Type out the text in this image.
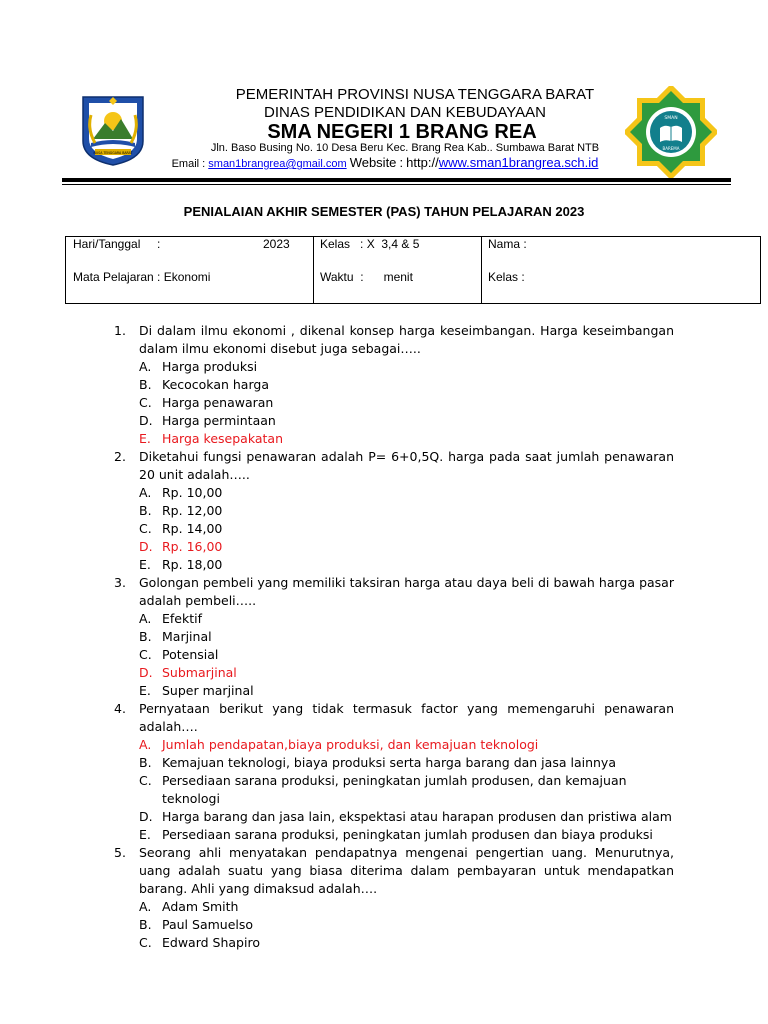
NUSA TENGGARA BARAT
SMAN
BAREMA
PEMERINTAH PROVINSI NUSA TENGGARA BARAT
DINAS PENDIDIKAN DAN KEBUDAYAAN
SMA NEGERI 1 BRANG REA
Jln. Baso Busing No. 10 Desa Beru Kec. Brang Rea Kab.. Sumbawa Barat NTB
Email : sman1brangrea@gmail.com Website : http://www.sman1brangrea.sch.id
PENIALAIAN AKHIR SEMESTER (PAS) TAHUN PELAJARAN 2023
Hari/Tanggal     :	2023
Mata Pelajaran : Ekonomi
Kelas   : X  3,4 & 5
Waktu  :      menit
Nama :
Kelas :
1. Di dalam ilmu ekonomi , dikenal konsep harga keseimbangan. Harga keseimbangan dalam ilmu ekonomi disebut juga sebagai…..
A. Harga produksi
B. Kecocokan harga
C. Harga penawaran
D. Harga permintaan
E. Harga kesepakatan
2. Diketahui fungsi penawaran adalah P= 6+0,5Q. harga pada saat jumlah penawaran 20 unit adalah…..
A. Rp. 10,00
B. Rp. 12,00
C. Rp. 14,00
D. Rp. 16,00
E. Rp. 18,00
3. Golongan pembeli yang memiliki taksiran harga atau daya beli di bawah harga pasar adalah pembeli…..
A. Efektif
B. Marjinal
C. Potensial
D. Submarjinal
E. Super marjinal
4. Pernyataan berikut yang tidak termasuk factor yang memengaruhi penawaran adalah….
A. Jumlah pendapatan,biaya produksi, dan kemajuan teknologi
B. Kemajuan teknologi, biaya produksi serta harga barang dan jasa lainnya
C. Persediaan sarana produksi, peningkatan jumlah produsen, dan kemajuan teknologi
D. Harga barang dan jasa lain, ekspektasi atau harapan produsen dan pristiwa alam
E. Persediaan sarana produksi, peningkatan jumlah produsen dan biaya produksi
5. Seorang ahli menyatakan pendapatnya mengenai pengertian uang. Menurutnya, uang adalah suatu yang biasa diterima dalam pembayaran untuk mendapatkan barang. Ahli yang dimaksud adalah….
A. Adam Smith
B. Paul Samuelso
C. Edward Shapiro
